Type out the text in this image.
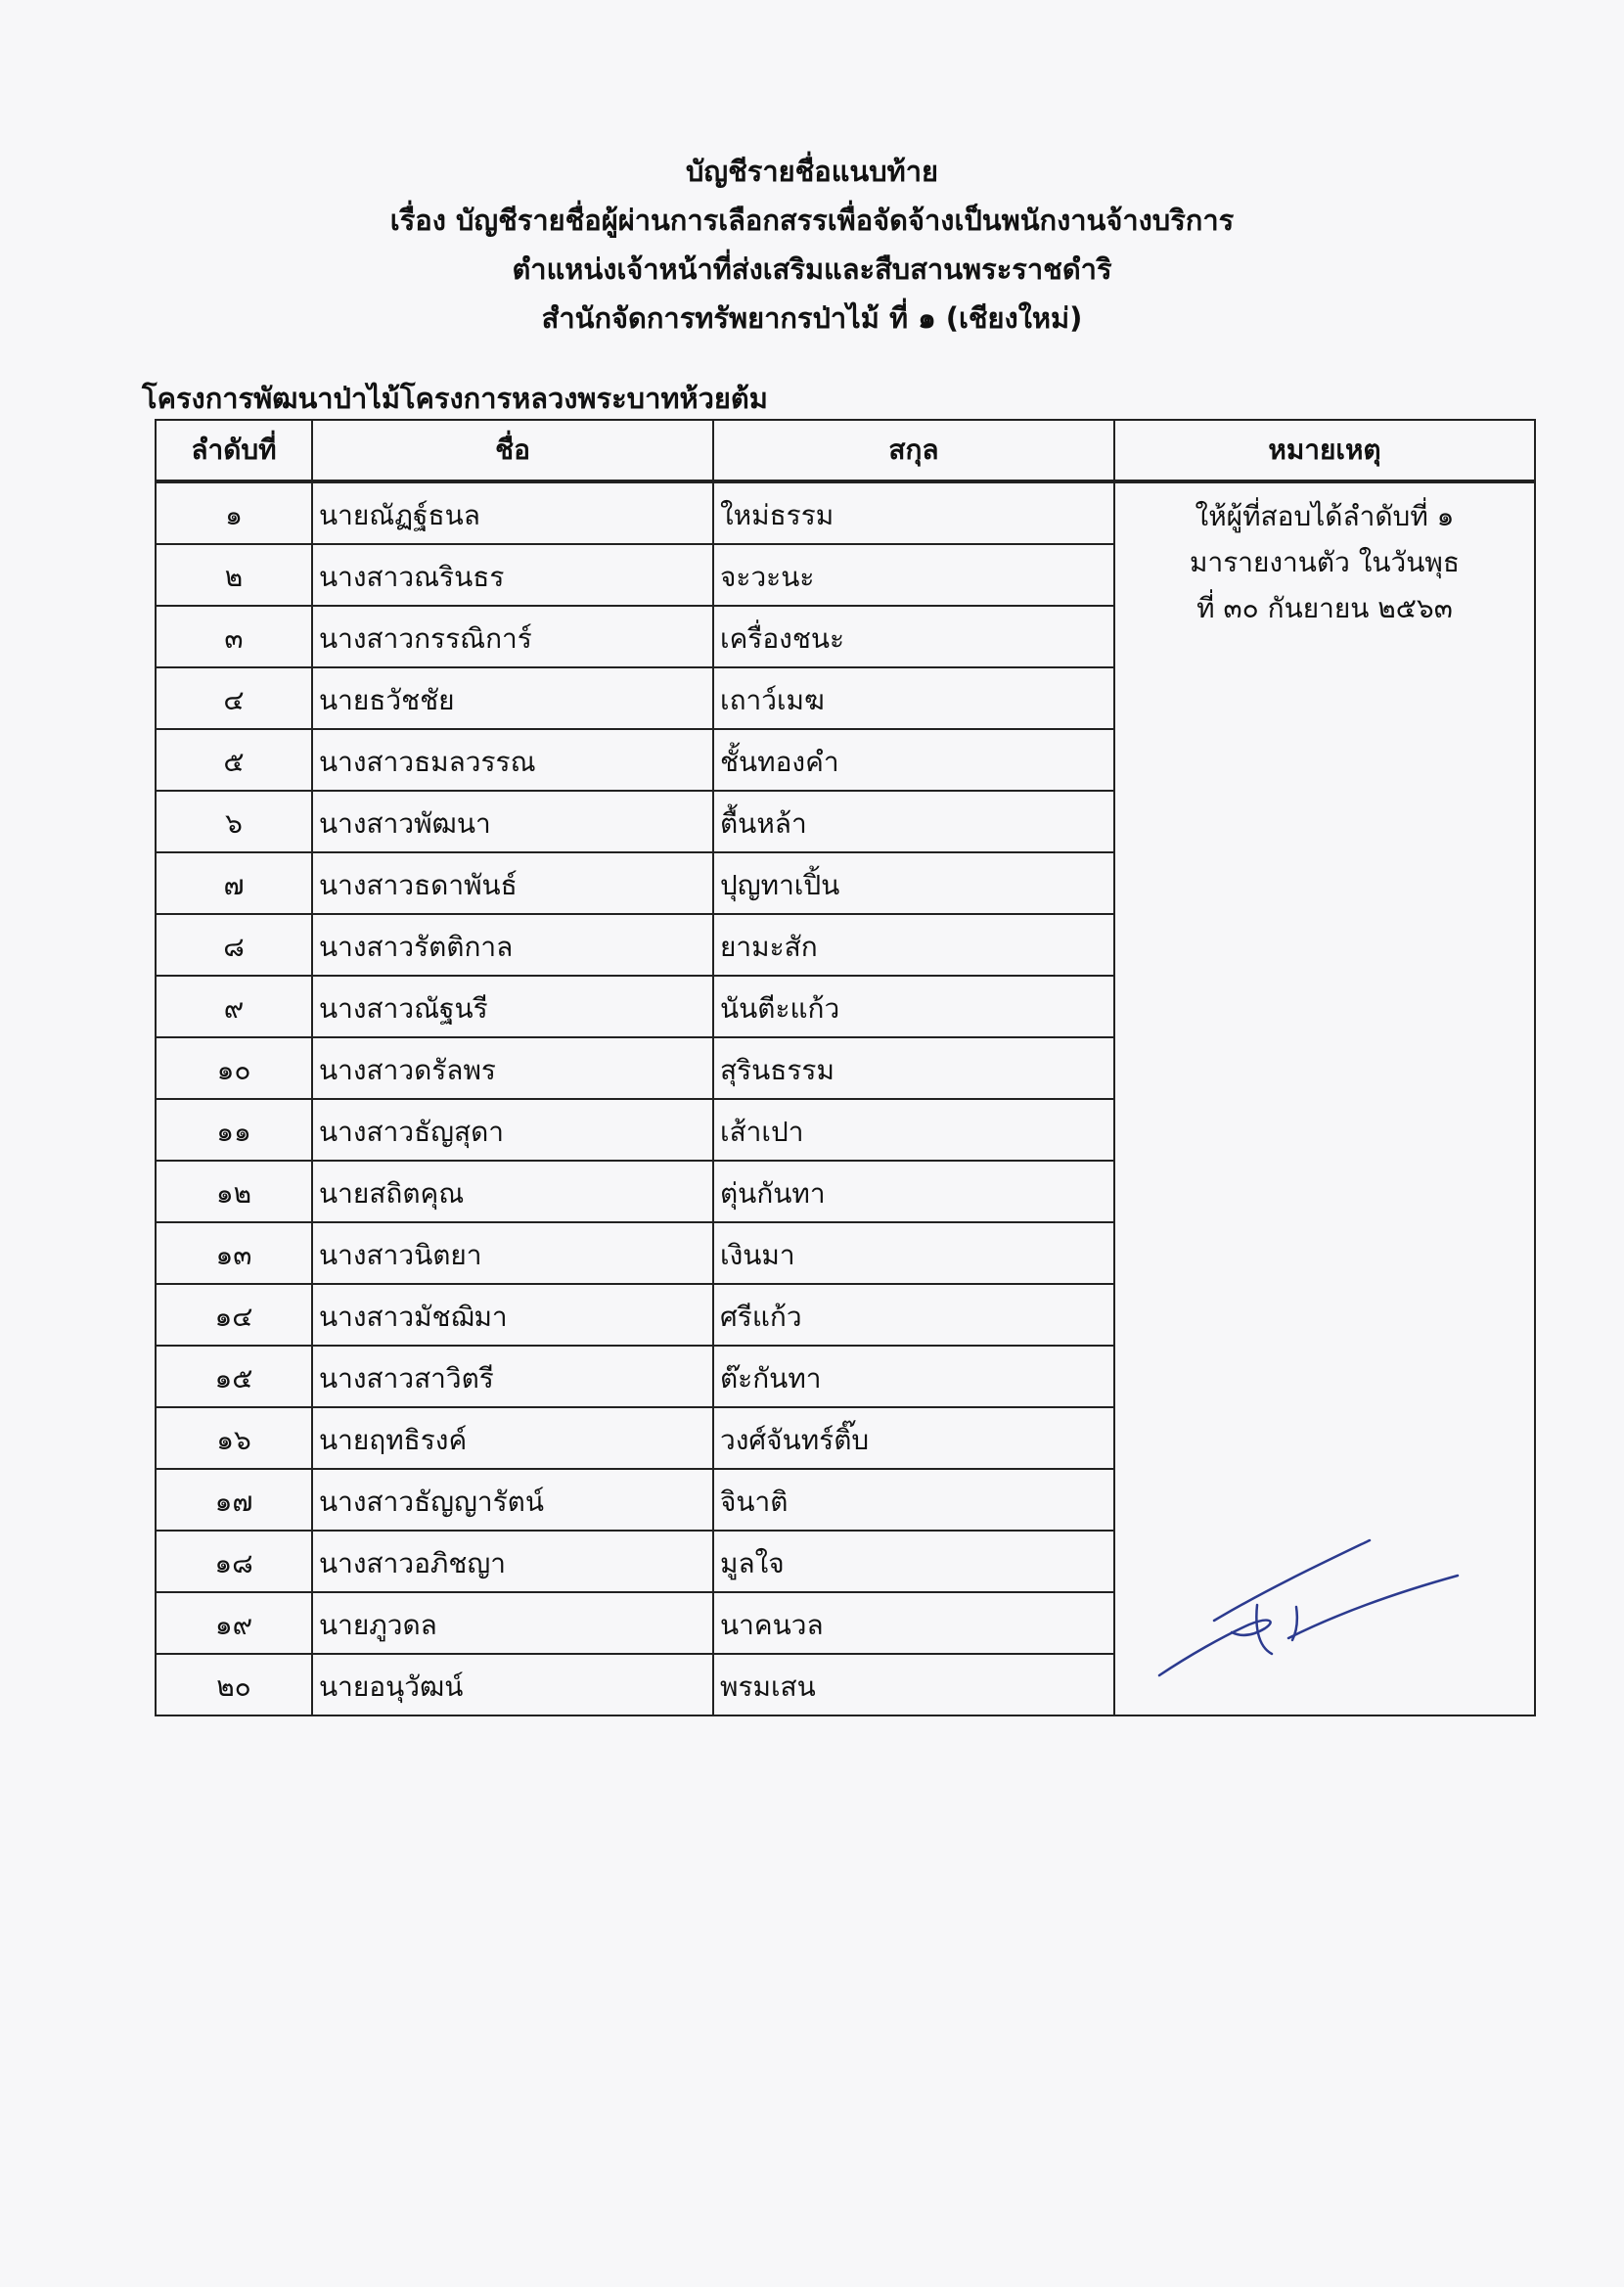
บัญชีรายชื่อแนบท้าย
เรื่อง บัญชีรายชื่อผู้ผ่านการเลือกสรรเพื่อจัดจ้างเป็นพนักงานจ้างบริการ
ตำแหน่งเจ้าหน้าที่ส่งเสริมและสืบสานพระราชดำริ
สำนักจัดการทรัพยากรป่าไม้ ที่ ๑ (เชียงใหม่)
โครงการพัฒนาป่าไม้โครงการหลวงพระบาทห้วยต้ม
ลำดับที่	ชื่อ	สกุล	หมายเหตุ
๑	นายณัฏฐ์ธนล	ใหม่ธรรม	ให้ผู้ที่สอบได้ลำดับที่ ๑
มารายงานตัว ในวันพุธ
ที่ ๓๐ กันยายน ๒๕๖๓

๒	นางสาวณรินธร	จะวะนะ	
๓	นางสาวกรรณิการ์	เครื่องชนะ	
๔	นายธวัชชัย	เถาว์เมฆ	
๕	นางสาวธมลวรรณ	ชั้นทองคำ	
๖	นางสาวพัฒนา	ตื้นหล้า	
๗	นางสาวธดาพันธ์	ปุญทาเปิ้น	
๘	นางสาวรัตติกาล	ยามะสัก	
๙	นางสาวณัฐนรี	นันตีะแก้ว	
๑๐	นางสาวดรัลพร	สุรินธรรม	
๑๑	นางสาวธัญสุดา	เส้าเปา	
๑๒	นายสถิตคุณ	ตุ่นกันทา	
๑๓	นางสาวนิตยา	เงินมา	
๑๔	นางสาวมัชฌิมา	ศรีแก้ว	
๑๕	นางสาวสาวิตรี	ต๊ะกันทา	
๑๖	นายฤทธิรงค์	วงศ์จันทร์ติ๊บ	
๑๗	นางสาวธัญญารัตน์	จินาติ	
๑๘	นางสาวอภิชญา	มูลใจ	
๑๙	นายภูวดล	นาคนวล	
๒๐	นายอนุวัฒน์	พรมเสน	
